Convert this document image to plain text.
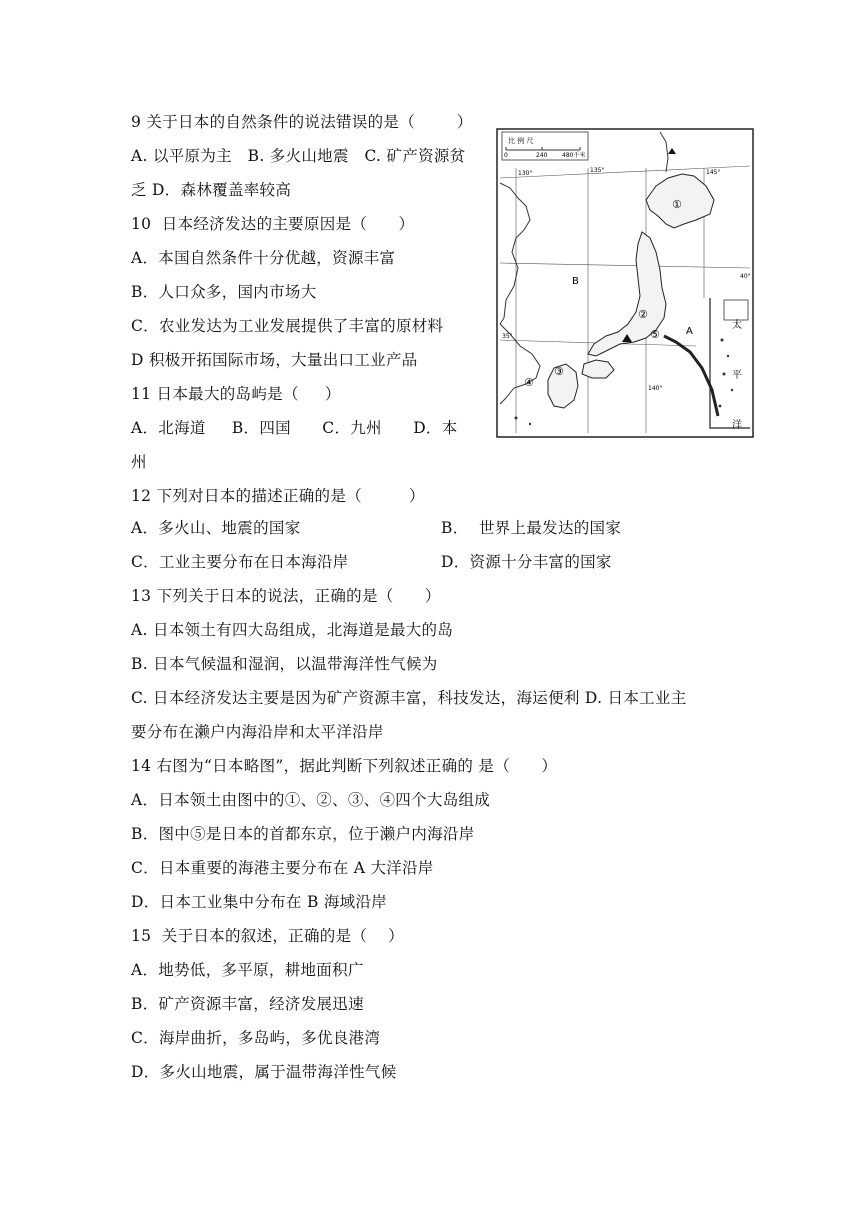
9 关于日本的自然条件的说法错误的是（        ）
A. 以平原为主   B. 多火山地震   C. 矿产资源贫
乏 D．森林覆盖率较高
10  日本经济发达的主要原因是（      ）
A．本国自然条件十分优越，资源丰富
B．人口众多，国内市场大
C．农业发达为工业发展提供了丰富的原材料
D 积极开拓国际市场，大量出口工业产品
11 日本最大的岛屿是（     ）
A．北海道     B．四国      C．九州      D．本
州
12 下列对日本的描述正确的是（         ）
A．多火山、地震的国家	B．  世界上最发达的国家
C．工业主要分布在日本海沿岸	D．资源十分丰富的国家
13 下列关于日本的说法，正确的是（      ）
A. 日本领土有四大岛组成，北海道是最大的岛
B. 日本气候温和湿润，以温带海洋性气候为
C. 日本经济发达主要是因为矿产资源丰富，科技发达，海运便利 D. 日本工业主
要分布在濑户内海沿岸和太平洋沿岸
14 右图为“日本略图”，据此判断下列叙述正确的 是（      ）
A．日本领土由图中的①、②、③、④四个大岛组成
B．图中⑤是日本的首都东京，位于濑户内海沿岸
C．日本重要的海港主要分布在 A 大洋沿岸
D．日本工业集中分布在 B 海域沿岸
15  关于日本的叙述，正确的是（    ）
A．地势低，多平原，耕地面积广
B．矿产资源丰富，经济发展迅速
C．海岸曲折，多岛屿，多优良港湾
D．多火山地震，属于温带海洋性气候
比 例 尺
0	240 480千米
130°	135°
140°
145°
40°
35°
B
A
①
②
③
④
⑤
太
平
洋
